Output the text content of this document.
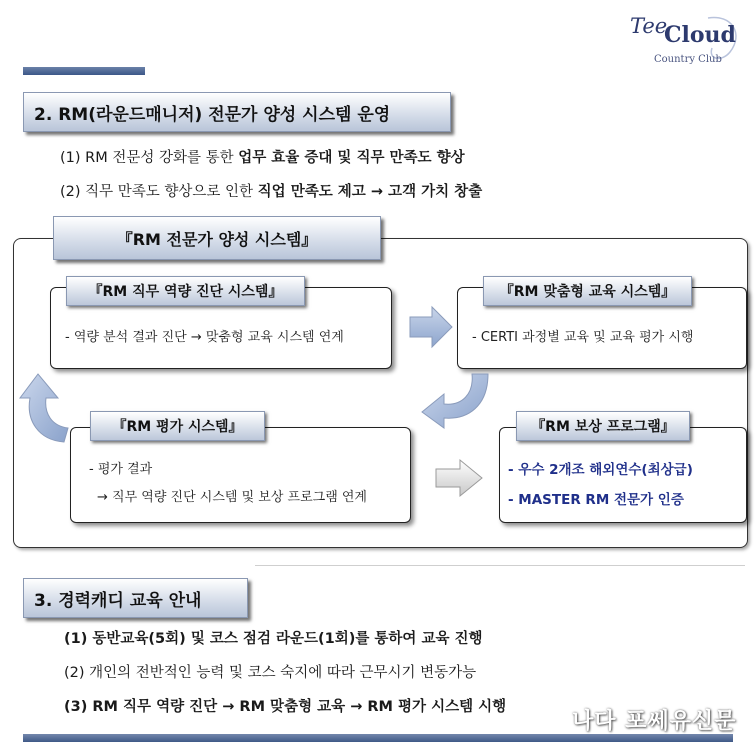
Tee
Cloud
Country Club
2. RM(라운드매니저) 전문가 양성 시스템 운영
(1) RM 전문성 강화를 통한 업무 효율 증대 및 직무 만족도 향상
(2) 직무 만족도 향상으로 인한 직업 만족도 제고 → 고객 가치 창출
『RM 전문가 양성 시스템』
- 역량 분석 결과 진단 → 맞춤형 교육 시스템 연계
『RM 직무 역량 진단 시스템』
- CERTI 과정별 교육 및 교육 평가 시행
『RM 맞춤형 교육 시스템』
- 평가 결과
→ 직무 역량 진단 시스템 및 보상 프로그램 연계
『RM 평가 시스템』
- 우수 2개조 해외연수(최상급)
- MASTER RM 전문가 인증
『RM 보상 프로그램』
3. 경력캐디 교육 안내
(1) 동반교육(5회) 및 코스 점검 라운드(1회)를 통하여 교육 진행
(2) 개인의 전반적인 능력 및 코스 숙지에 따라 근무시기 변동가능
(3) RM 직무 역량 진단 → RM 맞춤형 교육 → RM 평가 시스템 시행
나다 포쎄유신문
